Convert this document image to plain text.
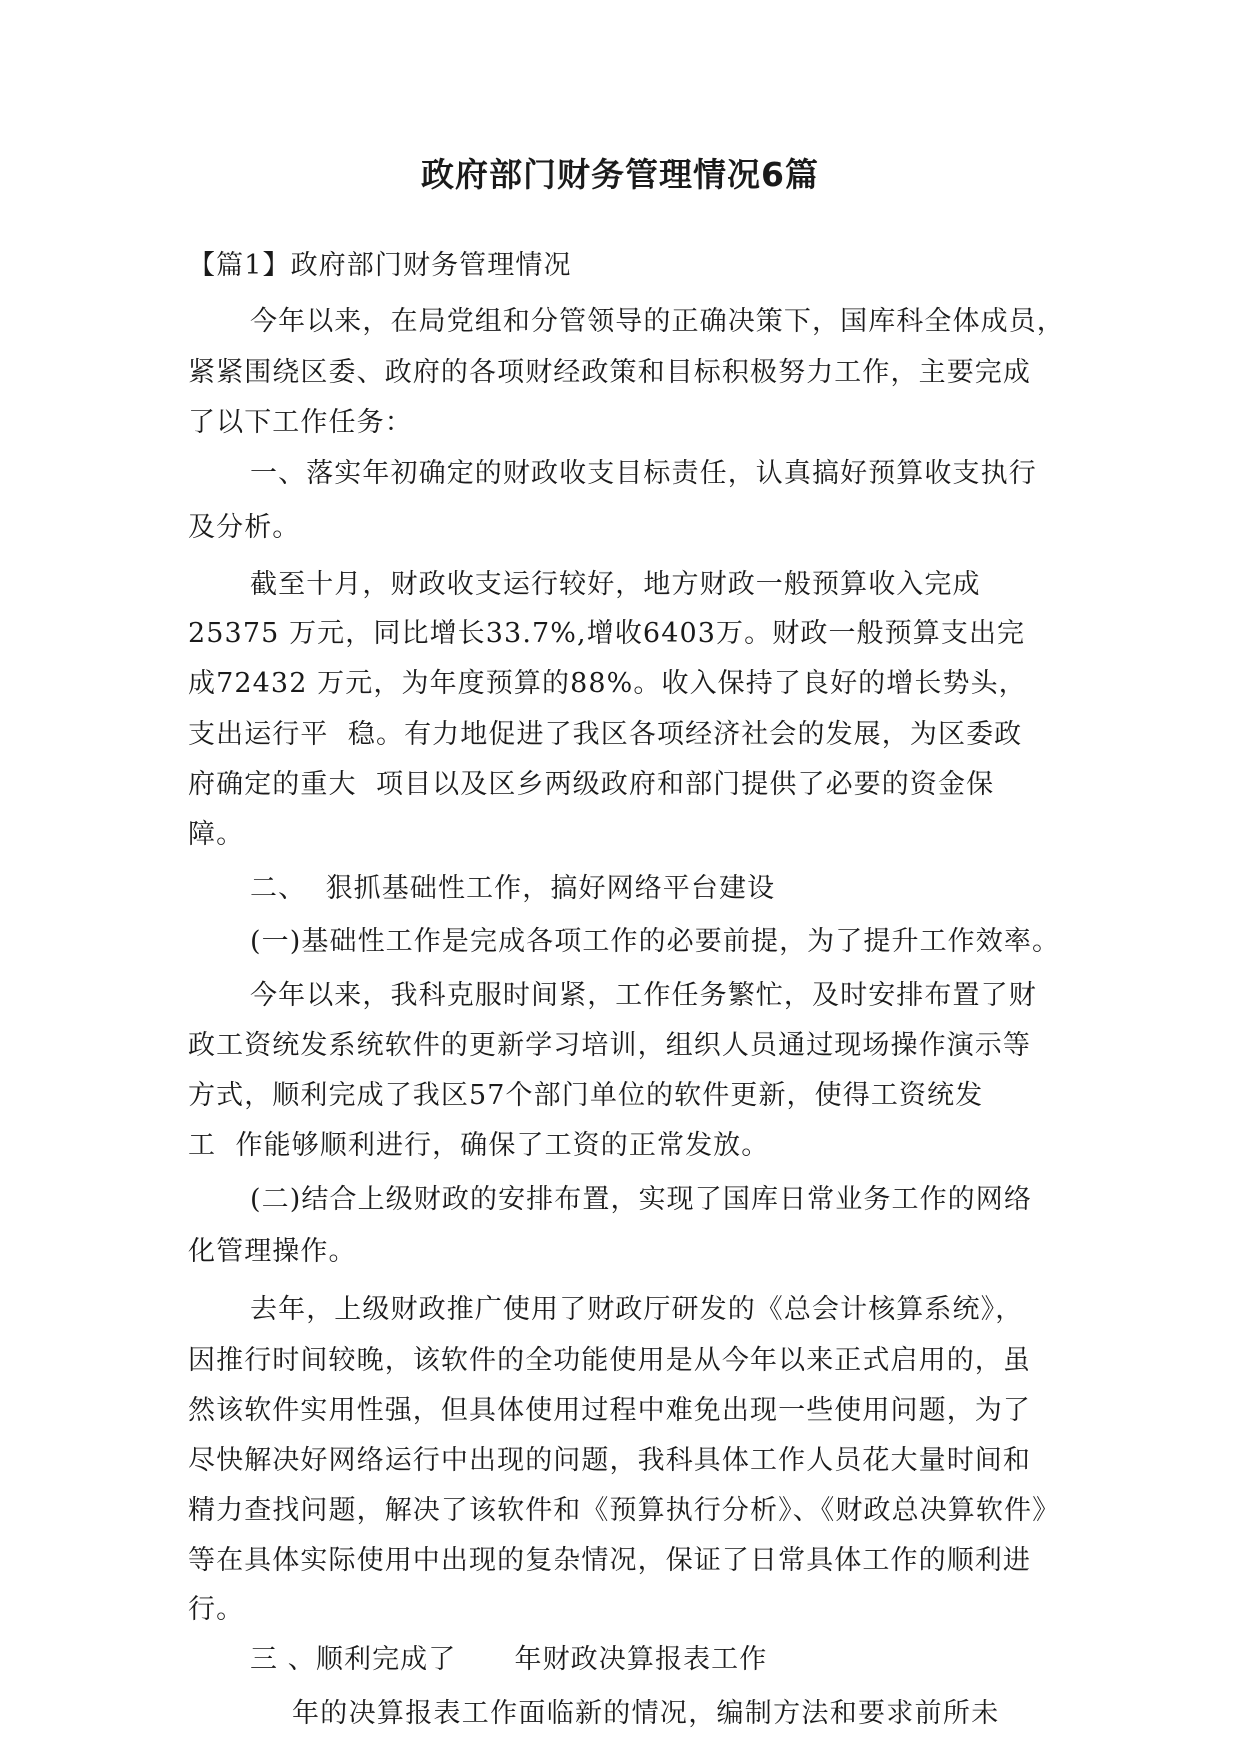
政府部门财务管理情况6篇
【篇1】政府部门财务管理情况
今年以来，在局党组和分管领导的正确决策下，国库科全体成员，
紧紧围绕区委、政府的各项财经政策和目标积极努力工作，主要完成
了以下工作任务：
一、落实年初确定的财政收支目标责任，认真搞好预算收支执行
及分析。
截至十月，财政收支运行较好，地方财政一般预算收入完成
25375 万元，同比增长33.7%,增收6403万。财政一般预算支出完
成72432 万元，为年度预算的88%。收入保持了良好的增长势头，
支出运行平  稳。有力地促进了我区各项经济社会的发展，为区委政
府确定的重大  项目以及区乡两级政府和部门提供了必要的资金保
障。
二、  狠抓基础性工作，搞好网络平台建设
(一)基础性工作是完成各项工作的必要前提，为了提升工作效率。
今年以来，我科克服时间紧，工作任务繁忙，及时安排布置了财
政工资统发系统软件的更新学习培训，组织人员通过现场操作演示等
方式，顺利完成了我区57个部门单位的软件更新，使得工资统发
工  作能够顺利进行，确保了工资的正常发放。
(二)结合上级财政的安排布置，实现了国库日常业务工作的网络
化管理操作。
去年，上级财政推广使用了财政厅研发的《总会计核算系统》，
因推行时间较晚，该软件的全功能使用是从今年以来正式启用的，虽
然该软件实用性强，但具体使用过程中难免出现一些使用问题，为了
尽快解决好网络运行中出现的问题，我科具体工作人员花大量时间和
精力查找问题，解决了该软件和《预算执行分析》、《财政总决算软件》
等在具体实际使用中出现的复杂情况，保证了日常具体工作的顺利进
行。
三 、顺利完成了      年财政决算报表工作
年的决算报表工作面临新的情况，编制方法和要求前所未
